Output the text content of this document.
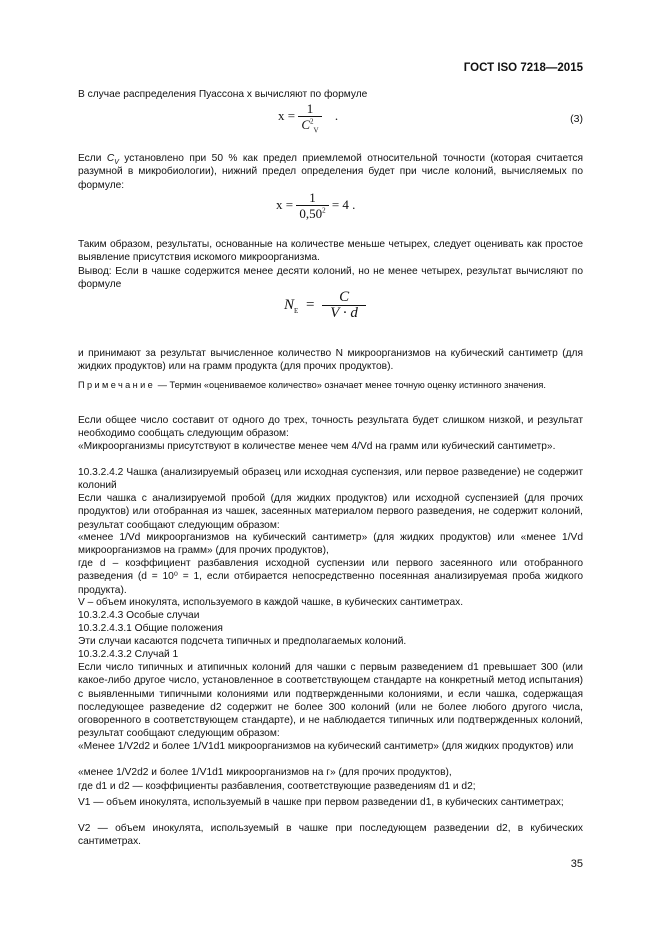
ГОСТ ISO 7218—2015
В случае распределения Пуассона x вычисляют по формуле
$x = \frac{1}{C^2_V}$ .	(3)
Если $C_V$ установлено при 50 % как предел приемлемой относительной точности (которая считается разумной в микробиологии), нижний предел определения будет при числе колоний, вычисляемых по формуле:
$x = \frac{1}{0,50^2} = 4$ .
Таким образом, результаты, основанные на количестве меньше четырех, следует оценивать как простое выявление присутствия искомого микроорганизма.
Вывод: Если в чашке содержится менее десяти колоний, но не менее четырех, результат вычисляют по формуле
$N_E = \frac{C}{V \cdot d}$
и принимают за результат вычисленное количество N микроорганизмов на кубический сантиметр (для жидких продуктов) или на грамм продукта (для прочих продуктов).
Примечание — Термин «оцениваемое количество» означает менее точную оценку истинного значения.
Если общее число составит от одного до трех, точность результата будет слишком низкой, и результат необходимо сообщать следующим образом:
«Микроорганизмы присутствуют в количестве менее чем 4/Vd на грамм или кубический сантиметр».
10.3.2.4.2 Чашка (анализируемый образец или исходная суспензия, или первое разведение) не содержит колоний
Если чашка с анализируемой пробой (для жидких продуктов) или исходной суспензией (для прочих продуктов) или отобранная из чашек, засеянных материалом первого разведения, не содержит колоний, результат сообщают следующим образом:
«менее 1/Vd микроорганизмов на кубический сантиметр» (для жидких продуктов) или «менее 1/Vd микроорганизмов на грамм» (для прочих продуктов),
где d – коэффициент разбавления исходной суспензии или первого засеянного или отобранного разведения (d = 10⁰ = 1, если отбирается непосредственно посеянная анализируемая проба жидкого продукта).
V – объем инокулята, используемого в каждой чашке, в кубических сантиметрах.
10.3.2.4.3 Особые случаи
10.3.2.4.3.1 Общие положения
Эти случаи касаются подсчета типичных и предполагаемых колоний.
10.3.2.4.3.2 Случай 1
Если число типичных и атипичных колоний для чашки с первым разведением d1 превышает 300 (или какое-либо другое число, установленное в соответствующем стандарте на конкретный метод испытания) с выявленными типичными колониями или подтвержденными колониями, и если чашка, содержащая последующее разведение d2 содержит не более 300 колоний (или не более любого другого числа, оговоренного в соответствующем стандарте), и не наблюдается типичных или подтвержденных колоний, результат сообщают следующим образом:
«Менее 1/V2d2 и более 1/V1d1 микроорганизмов на кубический сантиметр» (для жидких продуктов) или
«менее 1/V2d2 и более 1/V1d1 микроорганизмов на г» (для прочих продуктов),
где d1 и d2 — коэффициенты разбавления, соответствующие разведениям d1 и d2;
V1 — объем инокулята, используемый в чашке при первом разведении d1, в кубических сантиметрах;
V2 — объем инокулята, используемый в чашке при последующем разведении d2, в кубических сантиметрах.
35
